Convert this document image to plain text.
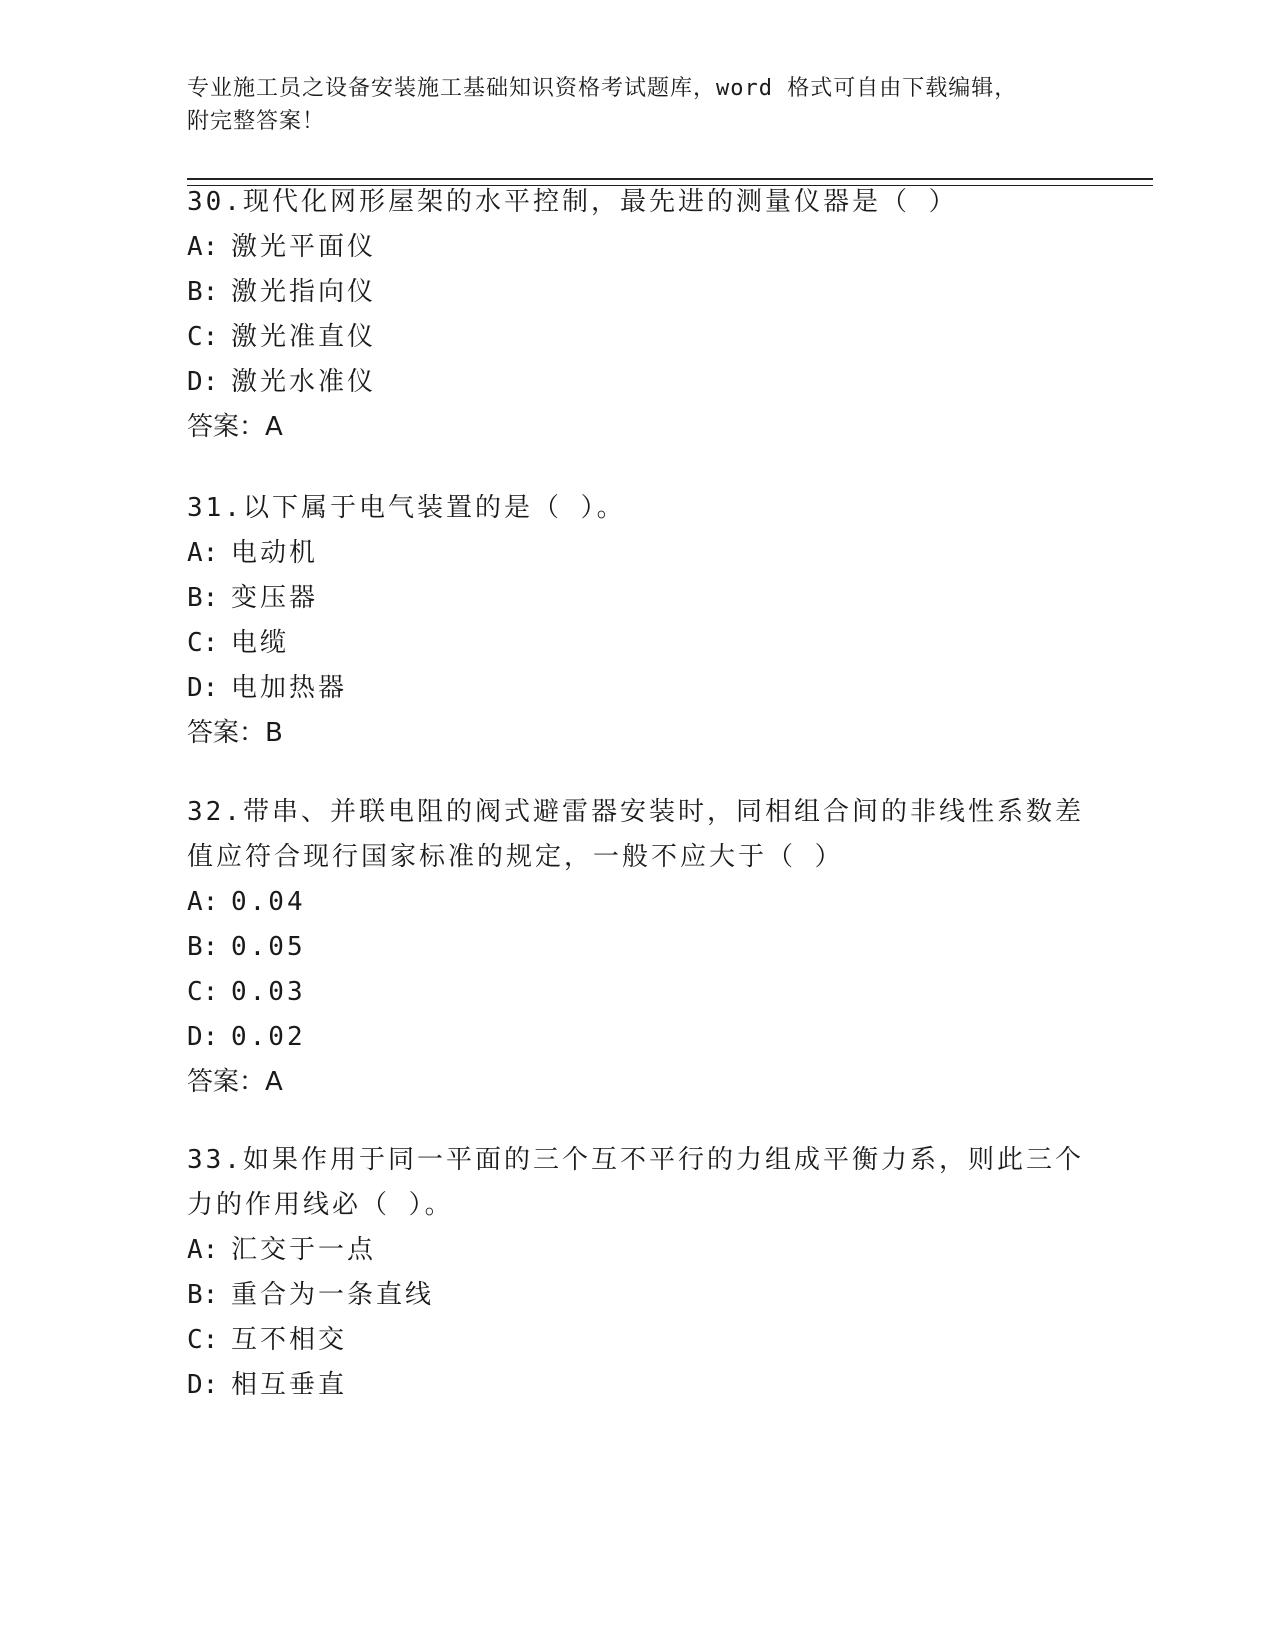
专业施工员之设备安装施工基础知识资格考试题库，word 格式可自由下载编辑，
附完整答案！

30.现代化网形屋架的水平控制，最先进的测量仪器是（ ）

A: 激光平面仪

B: 激光指向仪

C: 激光准直仪

D: 激光水准仪

答案：A

31.以下属于电气装置的是（ ）。

A: 电动机

B: 变压器

C: 电缆

D: 电加热器

答案：B

32.带串、并联电阻的阀式避雷器安装时，同相组合间的非线性系数差

值应符合现行国家标准的规定，一般不应大于（ ）

A: 0.04

B: 0.05

C: 0.03

D: 0.02

答案：A

33.如果作用于同一平面的三个互不平行的力组成平衡力系，则此三个

力的作用线必（ ）。

A: 汇交于一点

B: 重合为一条直线

C: 互不相交

D: 相互垂直
